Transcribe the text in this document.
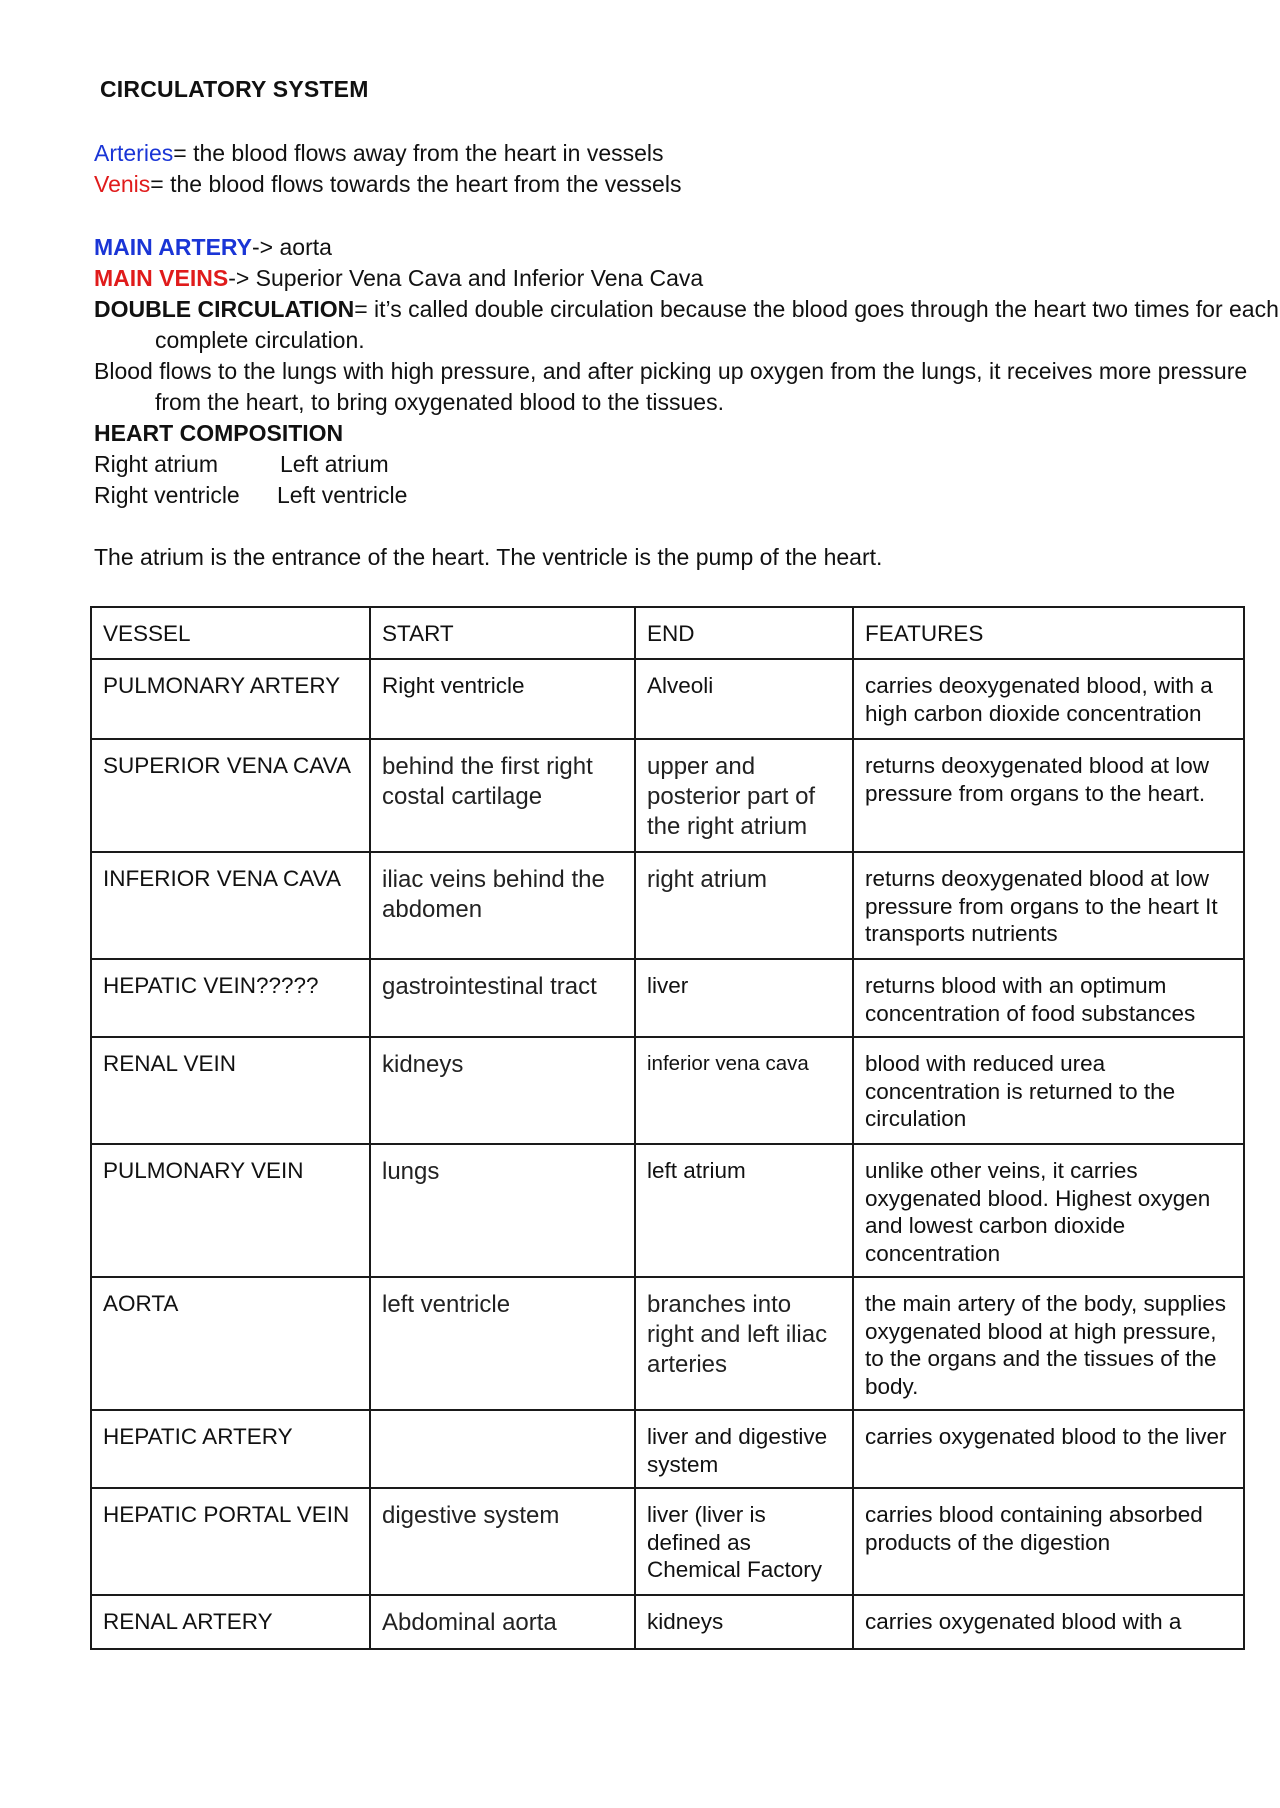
CIRCULATORY SYSTEM
Arteries= the blood flows away from the heart in vessels
Venis= the blood flows towards the heart from the vessels
MAIN ARTERY-> aorta
MAIN VEINS-> Superior Vena Cava and Inferior Vena Cava
DOUBLE CIRCULATION= it’s called double circulation because the blood goes through the heart two times for each complete circulation.
Blood flows to the lungs with high pressure, and after picking up oxygen from the lungs, it receives more pressure from the heart, to bring oxygenated blood to the tissues.
HEART COMPOSITION
Right atrium	Left atrium
Right ventricle	Left ventricle
The atrium is the entrance of the heart. The ventricle is the pump of the heart.
VESSEL	START	END	FEATURES
PULMONARY ARTERY	Right ventricle	Alveoli	carries deoxygenated blood, with a high carbon dioxide concentration
SUPERIOR VENA CAVA	behind the first right costal cartilage	upper and posterior part of the right atrium	returns deoxygenated blood at low pressure from organs to the heart.
INFERIOR VENA CAVA	iliac veins behind the abdomen	right atrium	returns deoxygenated blood at low pressure from organs to the heart It transports nutrients
HEPATIC VEIN?????	gastrointestinal tract	liver	returns blood with an optimum concentration of food substances
RENAL VEIN	kidneys	inferior vena cava	blood with reduced urea concentration is returned to the circulation
PULMONARY VEIN	lungs	left atrium	unlike other veins, it carries oxygenated blood. Highest oxygen and lowest carbon dioxide concentration
AORTA	left ventricle	branches into right and left iliac arteries	the main artery of the body, supplies oxygenated blood at high pressure, to the organs and the tissues of the body.
HEPATIC ARTERY		liver and digestive system	carries oxygenated blood to the liver
HEPATIC PORTAL VEIN	digestive system	liver (liver is defined as Chemical Factory	carries blood containing absorbed products of the digestion
RENAL ARTERY	Abdominal aorta	kidneys	carries oxygenated blood with a
